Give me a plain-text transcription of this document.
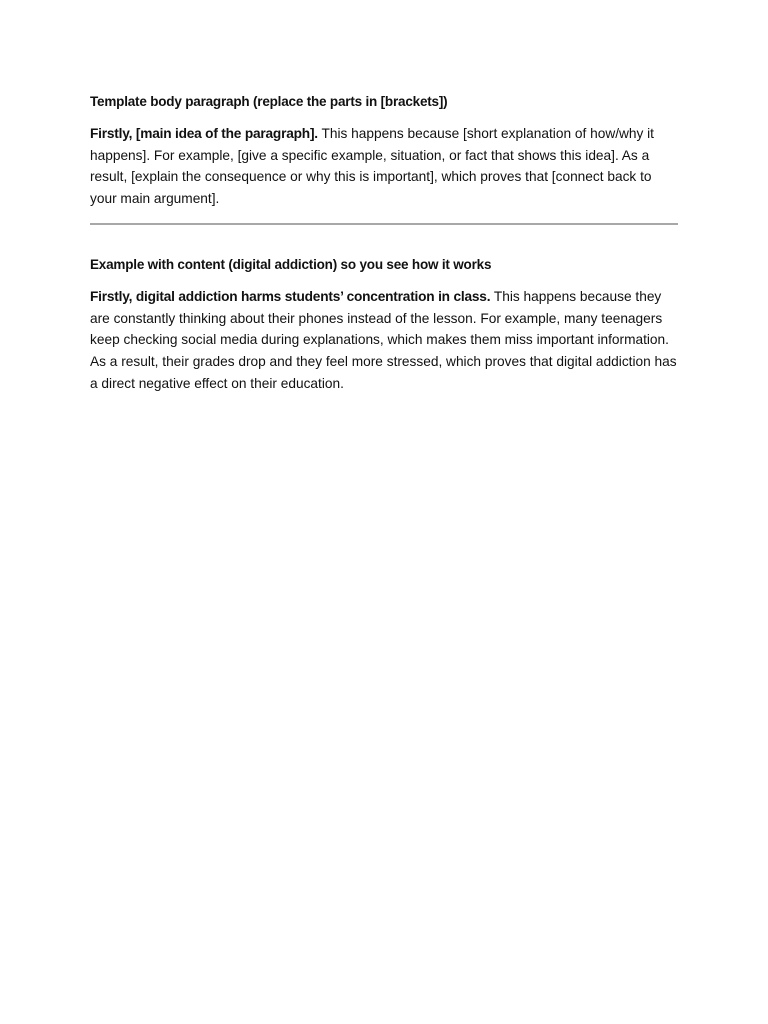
Template body paragraph (replace the parts in [brackets])

Firstly, [main idea of the paragraph]. This happens because [short explanation of how/why it happens]. For example, [give a specific example, situation, or fact that shows this idea]. As a result, [explain the consequence or why this is important], which proves that [connect back to your main argument].

Example with content (digital addiction) so you see how it works

Firstly, digital addiction harms students’ concentration in class. This happens because they are constantly thinking about their phones instead of the lesson. For example, many teenagers keep checking social media during explanations, which makes them miss important information. As a result, their grades drop and they feel more stressed, which proves that digital addiction has a direct negative effect on their education.
